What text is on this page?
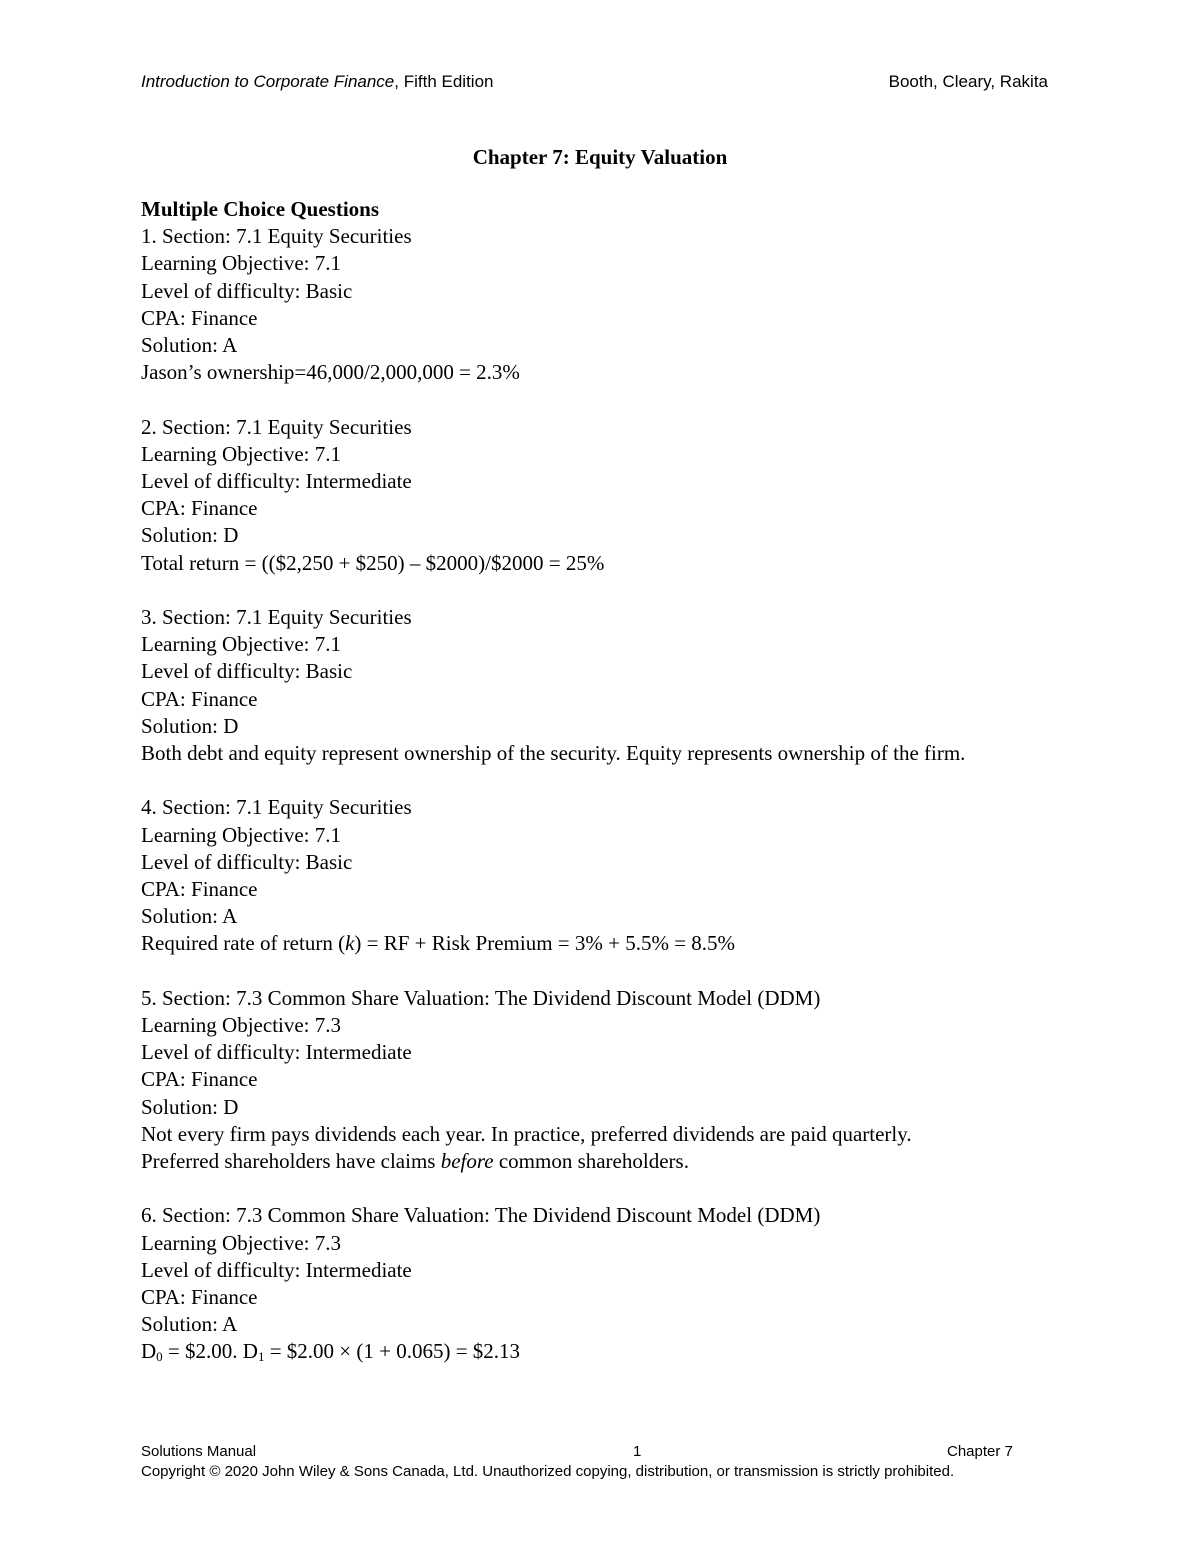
Introduction to Corporate Finance, Fifth Edition	Booth, Cleary, Rakita
Chapter 7: Equity Valuation
Multiple Choice Questions
1. Section: 7.1 Equity Securities
Learning Objective: 7.1
Level of difficulty: Basic
CPA: Finance
Solution: A
Jason’s ownership=46,000/2,000,000 = 2.3%
2. Section: 7.1 Equity Securities
Learning Objective: 7.1
Level of difficulty: Intermediate
CPA: Finance
Solution: D
Total return = (($2,250 + $250) – $2000)/$2000 = 25%
3. Section: 7.1 Equity Securities
Learning Objective: 7.1
Level of difficulty: Basic
CPA: Finance
Solution: D
Both debt and equity represent ownership of the security. Equity represents ownership of the firm.
4. Section: 7.1 Equity Securities
Learning Objective: 7.1
Level of difficulty: Basic
CPA: Finance
Solution: A
Required rate of return (k) = RF + Risk Premium = 3% + 5.5% = 8.5%
5. Section: 7.3 Common Share Valuation: The Dividend Discount Model (DDM)
Learning Objective: 7.3
Level of difficulty: Intermediate
CPA: Finance
Solution: D
Not every firm pays dividends each year. In practice, preferred dividends are paid quarterly.
Preferred shareholders have claims before common shareholders.
6. Section: 7.3 Common Share Valuation: The Dividend Discount Model (DDM)
Learning Objective: 7.3
Level of difficulty: Intermediate
CPA: Finance
Solution: A
$D_0$ = $2.00. $D_1$ = $2.00 × (1 + 0.065) = $2.13
Solutions Manual	1	Chapter 7
Copyright © 2020 John Wiley & Sons Canada, Ltd. Unauthorized copying, distribution, or transmission is strictly prohibited.
